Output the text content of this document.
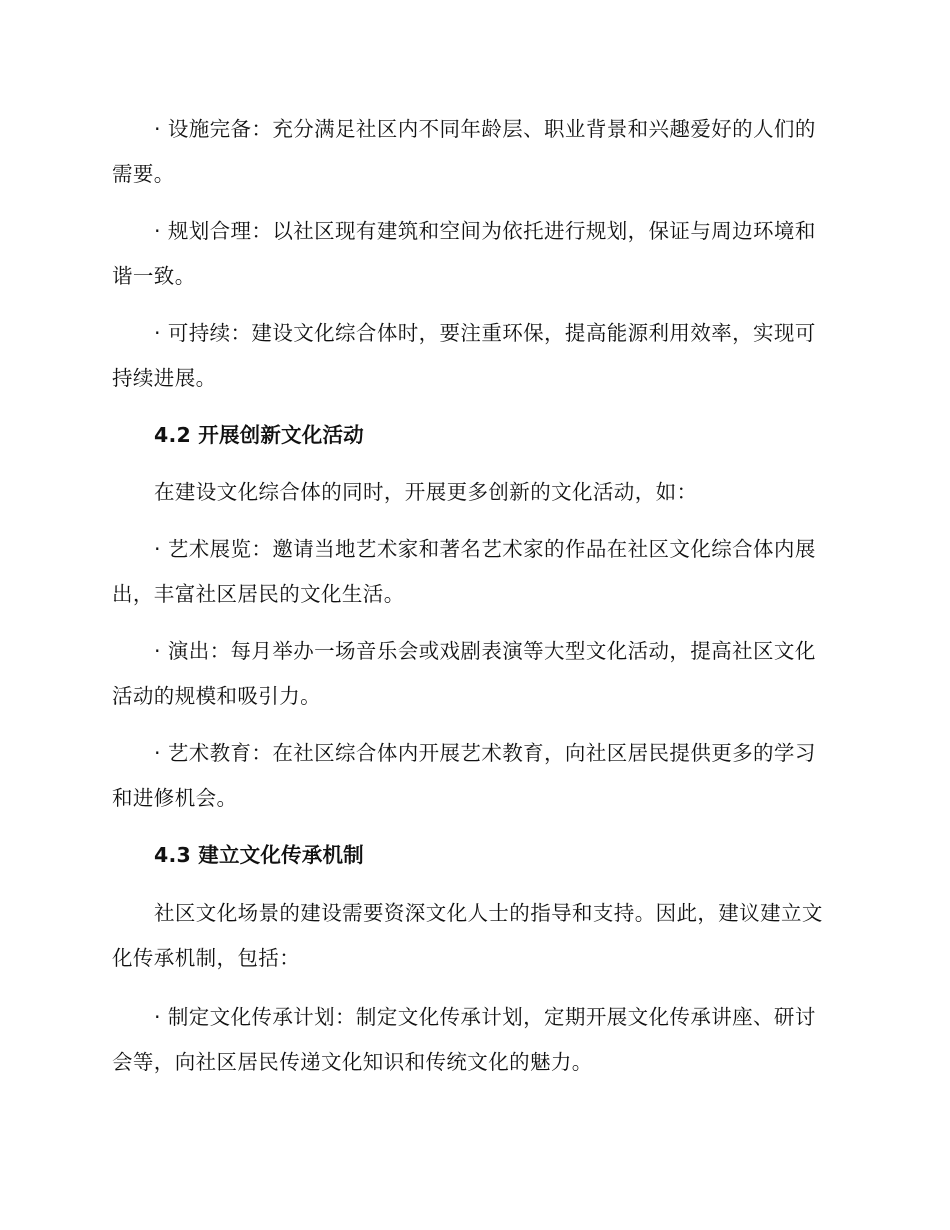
· 设施完备：充分满足社区内不同年龄层、职业背景和兴趣爱好的人们的需要。

· 规划合理：以社区现有建筑和空间为依托进行规划，保证与周边环境和谐一致。

· 可持续：建设文化综合体时，要注重环保，提高能源利用效率，实现可持续进展。

4.2 开展创新文化活动

在建设文化综合体的同时，开展更多创新的文化活动，如：

· 艺术展览：邀请当地艺术家和著名艺术家的作品在社区文化综合体内展出，丰富社区居民的文化生活。

· 演出：每月举办一场音乐会或戏剧表演等大型文化活动，提高社区文化活动的规模和吸引力。

· 艺术教育：在社区综合体内开展艺术教育，向社区居民提供更多的学习和进修机会。

4.3 建立文化传承机制

社区文化场景的建设需要资深文化人士的指导和支持。因此，建议建立文化传承机制，包括：

· 制定文化传承计划：制定文化传承计划，定期开展文化传承讲座、研讨会等，向社区居民传递文化知识和传统文化的魅力。
